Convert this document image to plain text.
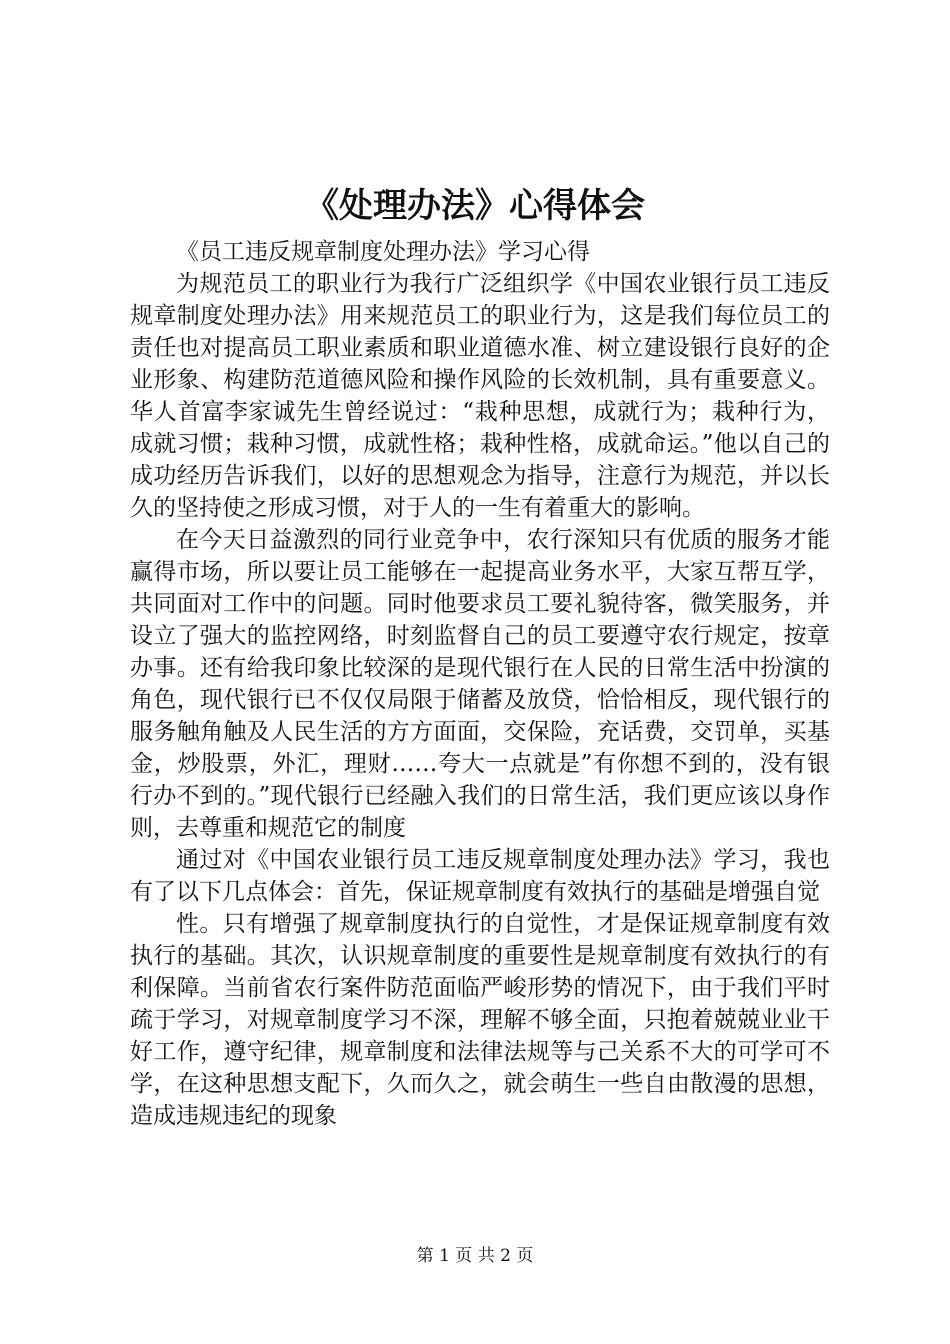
《处理办法》心得体会

《员工违反规章制度处理办法》学习心得

为规范员工的职业行为我行广泛组织学《中国农业银行员工违反规章制度处理办法》用来规范员工的职业行为，这是我们每位员工的责任也对提高员工职业素质和职业道德水准、树立建设银行良好的企业形象、构建防范道德风险和操作风险的长效机制，具有重要意义。华人首富李家诚先生曾经说过：“栽种思想，成就行为；栽种行为，成就习惯；栽种习惯，成就性格；栽种性格，成就命运。”他以自己的成功经历告诉我们，以好的思想观念为指导，注意行为规范，并以长久的坚持使之形成习惯，对于人的一生有着重大的影响。

在今天日益激烈的同行业竞争中，农行深知只有优质的服务才能赢得市场，所以要让员工能够在一起提高业务水平，大家互帮互学，共同面对工作中的问题。同时他要求员工要礼貌待客，微笑服务，并设立了强大的监控网络，时刻监督自己的员工要遵守农行规定，按章办事。还有给我印象比较深的是现代银行在人民的日常生活中扮演的角色，现代银行已不仅仅局限于储蓄及放贷，恰恰相反，现代银行的服务触角触及人民生活的方方面面，交保险，充话费，交罚单，买基金，炒股票，外汇，理财……夸大一点就是”有你想不到的，没有银行办不到的。”现代银行已经融入我们的日常生活，我们更应该以身作则，去尊重和规范它的制度

通过对《中国农业银行员工违反规章制度处理办法》学习，我也有了以下几点体会：首先，保证规章制度有效执行的基础是增强自觉

性。只有增强了规章制度执行的自觉性，才是保证规章制度有效执行的基础。其次，认识规章制度的重要性是规章制度有效执行的有利保障。当前省农行案件防范面临严峻形势的情况下，由于我们平时疏于学习，对规章制度学习不深，理解不够全面，只抱着兢兢业业干好工作，遵守纪律，规章制度和法律法规等与己关系不大的可学可不学，在这种思想支配下，久而久之，就会萌生一些自由散漫的思想，造成违规违纪的现象

第 1 页 共 2 页
